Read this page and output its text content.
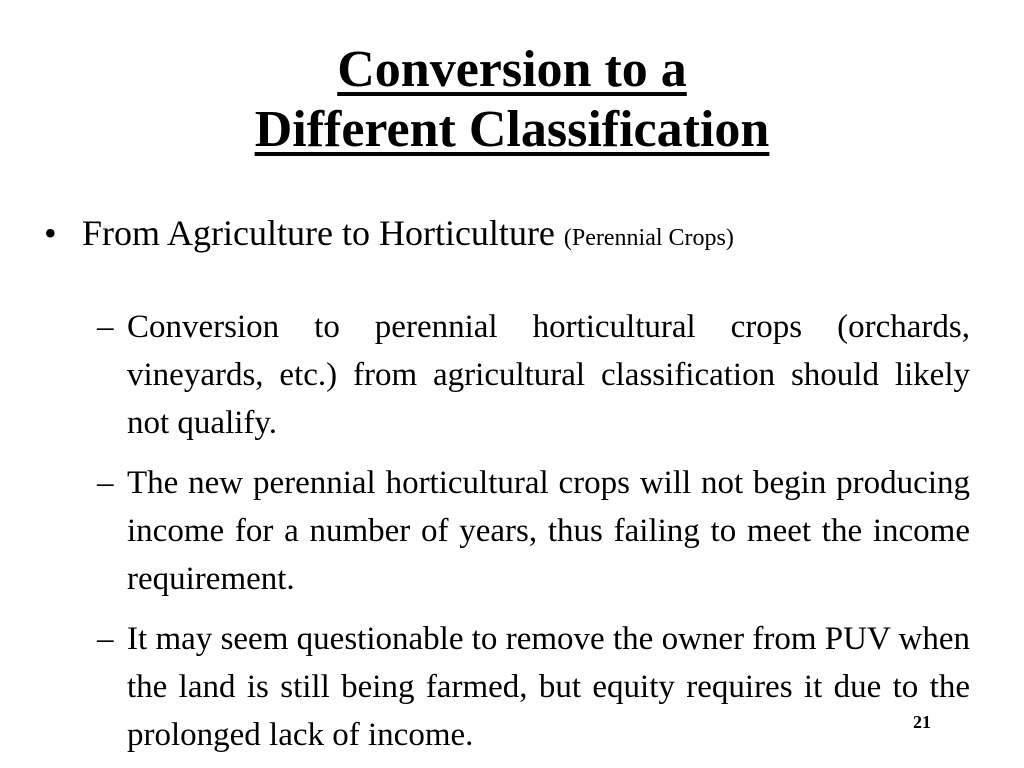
Conversion to a
Different Classification
• From Agriculture to Horticulture (Perennial Crops)
– Conversion to perennial horticultural crops (orchards, vineyards, etc.) from agricultural classification should likely not qualify.
– The new perennial horticultural crops will not begin producing income for a number of years, thus failing to meet the income requirement.
– It may seem questionable to remove the owner from PUV when the land is still being farmed, but equity requires it due to the prolonged lack of income.	21
